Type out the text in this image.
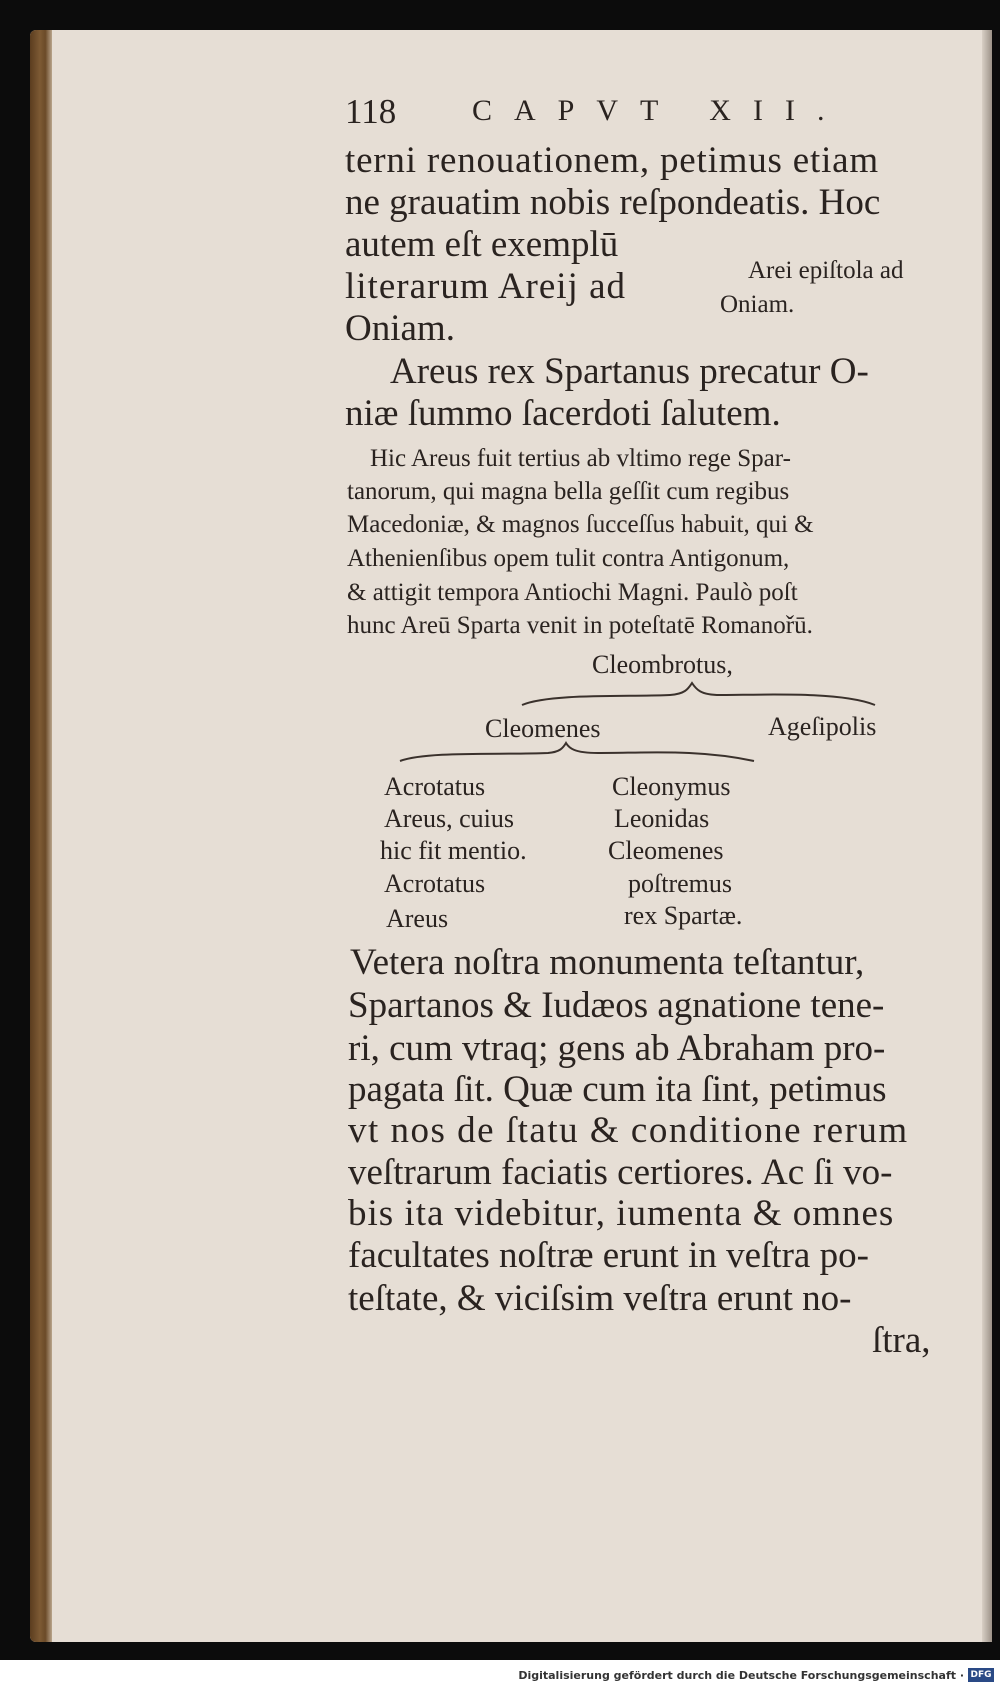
118	CAPVT XII.
terni renouationem, petimus etiam
ne grauatim nobis reſpondeatis. Hoc
autem eſt exemplū
literarum Areij ad
Oniam.
Arei epiſtola ad
Oniam.
Areus rex Spartanus precatur O-
niæ ſummo ſacerdoti ſalutem.
Hic Areus fuit tertius ab vltimo rege Spar-
tanorum, qui magna bella geſſit cum regibus
Macedoniæ, & magnos ſucceſſus habuit, qui &
Athenienſibus opem tulit contra Antigonum,
& attigit tempora Antiochi Magni. Paulò poſt
hunc Areū Sparta venit in poteſtatē Romanořū.
Cleombrotus,
Cleomenes	Ageſipolis
Acrotatus
Areus, cuius
hic fit mentio.
Acrotatus
Areus
Cleonymus
Leonidas
Cleomenes
poſtremus
rex Spartæ.
Vetera noſtra monumenta teſtantur,
Spartanos & Iudæos agnatione tene-
ri, cum vtraq; gens ab Abraham pro-
pagata ſit. Quæ cum ita ſint, petimus
vt nos de ſtatu & conditione rerum
veſtrarum faciatis certiores. Ac ſi vo-
bis ita videbitur, iumenta & omnes
facultates noſtræ erunt in veſtra po-
teſtate, & viciſsim veſtra erunt no-
ſtra,
Digitalisierung gefördert durch die Deutsche Forschungsgemeinschaft · DFG
